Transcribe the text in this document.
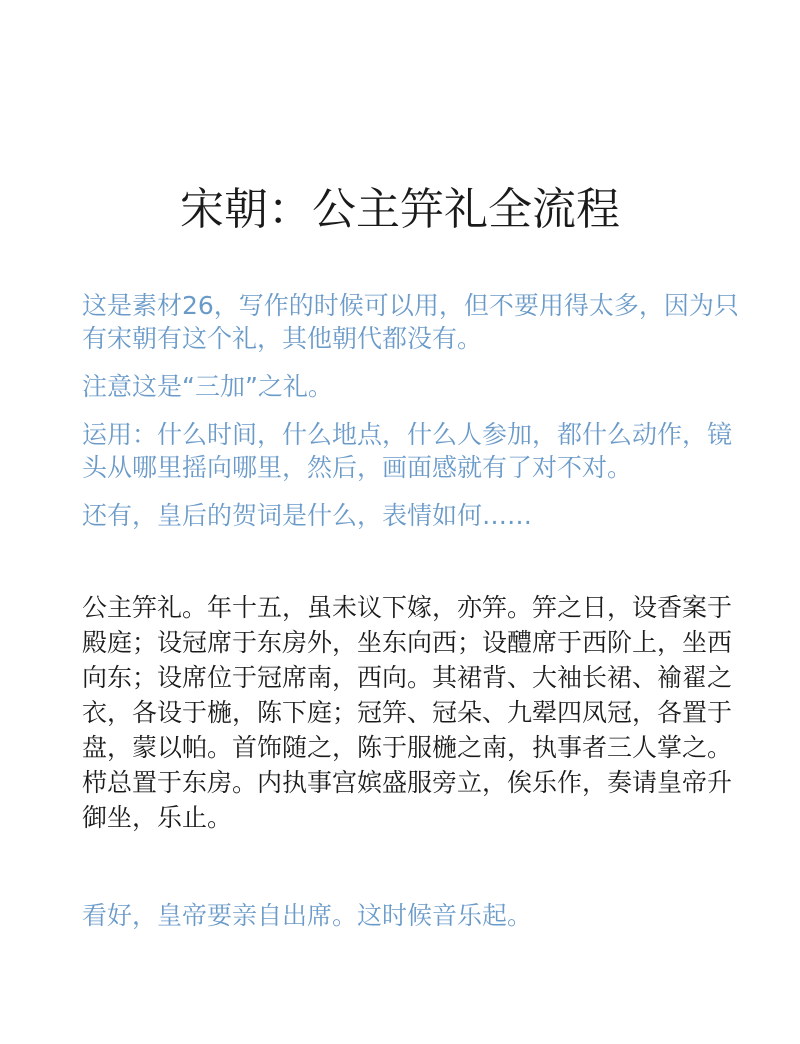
宋朝：公主笄礼全流程

这是素材26，写作的时候可以用，但不要用得太多，因为只有宋朝有这个礼，其他朝代都没有。

注意这是“三加”之礼。

运用：什么时间，什么地点，什么人参加，都什么动作，镜头从哪里摇向哪里，然后，画面感就有了对不对。

还有，皇后的贺词是什么，表情如何……

公主笄礼。年十五，虽未议下嫁，亦笄。笄之日，设香案于殿庭；设冠席于东房外，坐东向西；设醴席于西阶上，坐西向东；设席位于冠席南，西向。其裙背、大袖长裙、褕翟之衣，各设于椸，陈下庭；冠笄、冠朵、九翚四凤冠，各置于盘，蒙以帕。首饰随之，陈于服椸之南，执事者三人掌之。栉总置于东房。内执事宫嫔盛服旁立，俟乐作，奏请皇帝升御坐，乐止。

看好，皇帝要亲自出席。这时候音乐起。
